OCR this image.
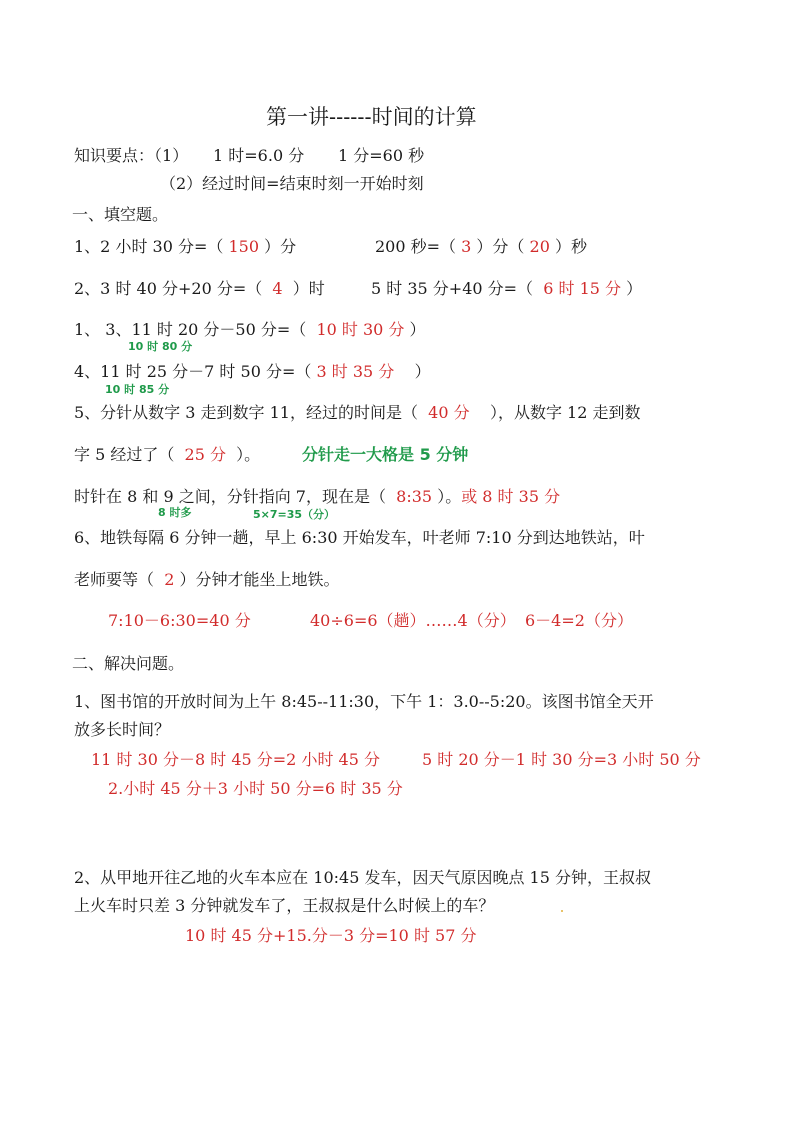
第一讲------时间的计算
知识要点：（1） 1 时=6.0 分 1 分=60 秒
（2）经过时间=结束时刻一开始时刻
一、填空题。
1、2 小时 30 分=（ 150 ）分	200 秒=（ 3 ）分（ 20 ）秒
2、3 时 40 分+20 分=（ 4 ）时	5 时 35 分+40 分=（ 6 时 15 分 ）
1、 3、11 时 20 分－50 分=（ 10 时 30 分 ）
10 时 80 分
4、11 时 25 分－7 时 50 分=（ 3 时 35 分 ）
10 时 85 分
5、分针从数字 3 走到数字 11，经过的时间是（ 40 分 ），从数字 12 走到数
字 5 经过了（ 25 分 ）。	分针走一大格是 5 分钟
时针在 8 和 9 之间，分针指向 7，现在是（ 8:35 ）。或 8 时 35 分
8 时多	5×7=35（分）
6、地铁每隔 6 分钟一趟，早上 6:30 开始发车，叶老师 7:10 分到达地铁站，叶
老师要等（ 2 ）分钟才能坐上地铁。
7:10－6:30=40 分	40÷6=6（趟）……4（分） 6－4=2（分）
二、解决问题。
1、图书馆的开放时间为上午 8:45--11:30，下午 1：3.0--5:20。该图书馆全天开
放多长时间？
11 时 30 分－8 时 45 分=2 小时 45 分	5 时 20 分－1 时 30 分=3 小时 50 分
2.小时 45 分＋3 小时 50 分=6 时 35 分
2、从甲地开往乙地的火车本应在 10:45 发车，因天气原因晚点 15 分钟，王叔叔
上火车时只差 3 分钟就发车了，王叔叔是什么时候上的车？
10 时 45 分+15.分－3 分=10 时 57 分
